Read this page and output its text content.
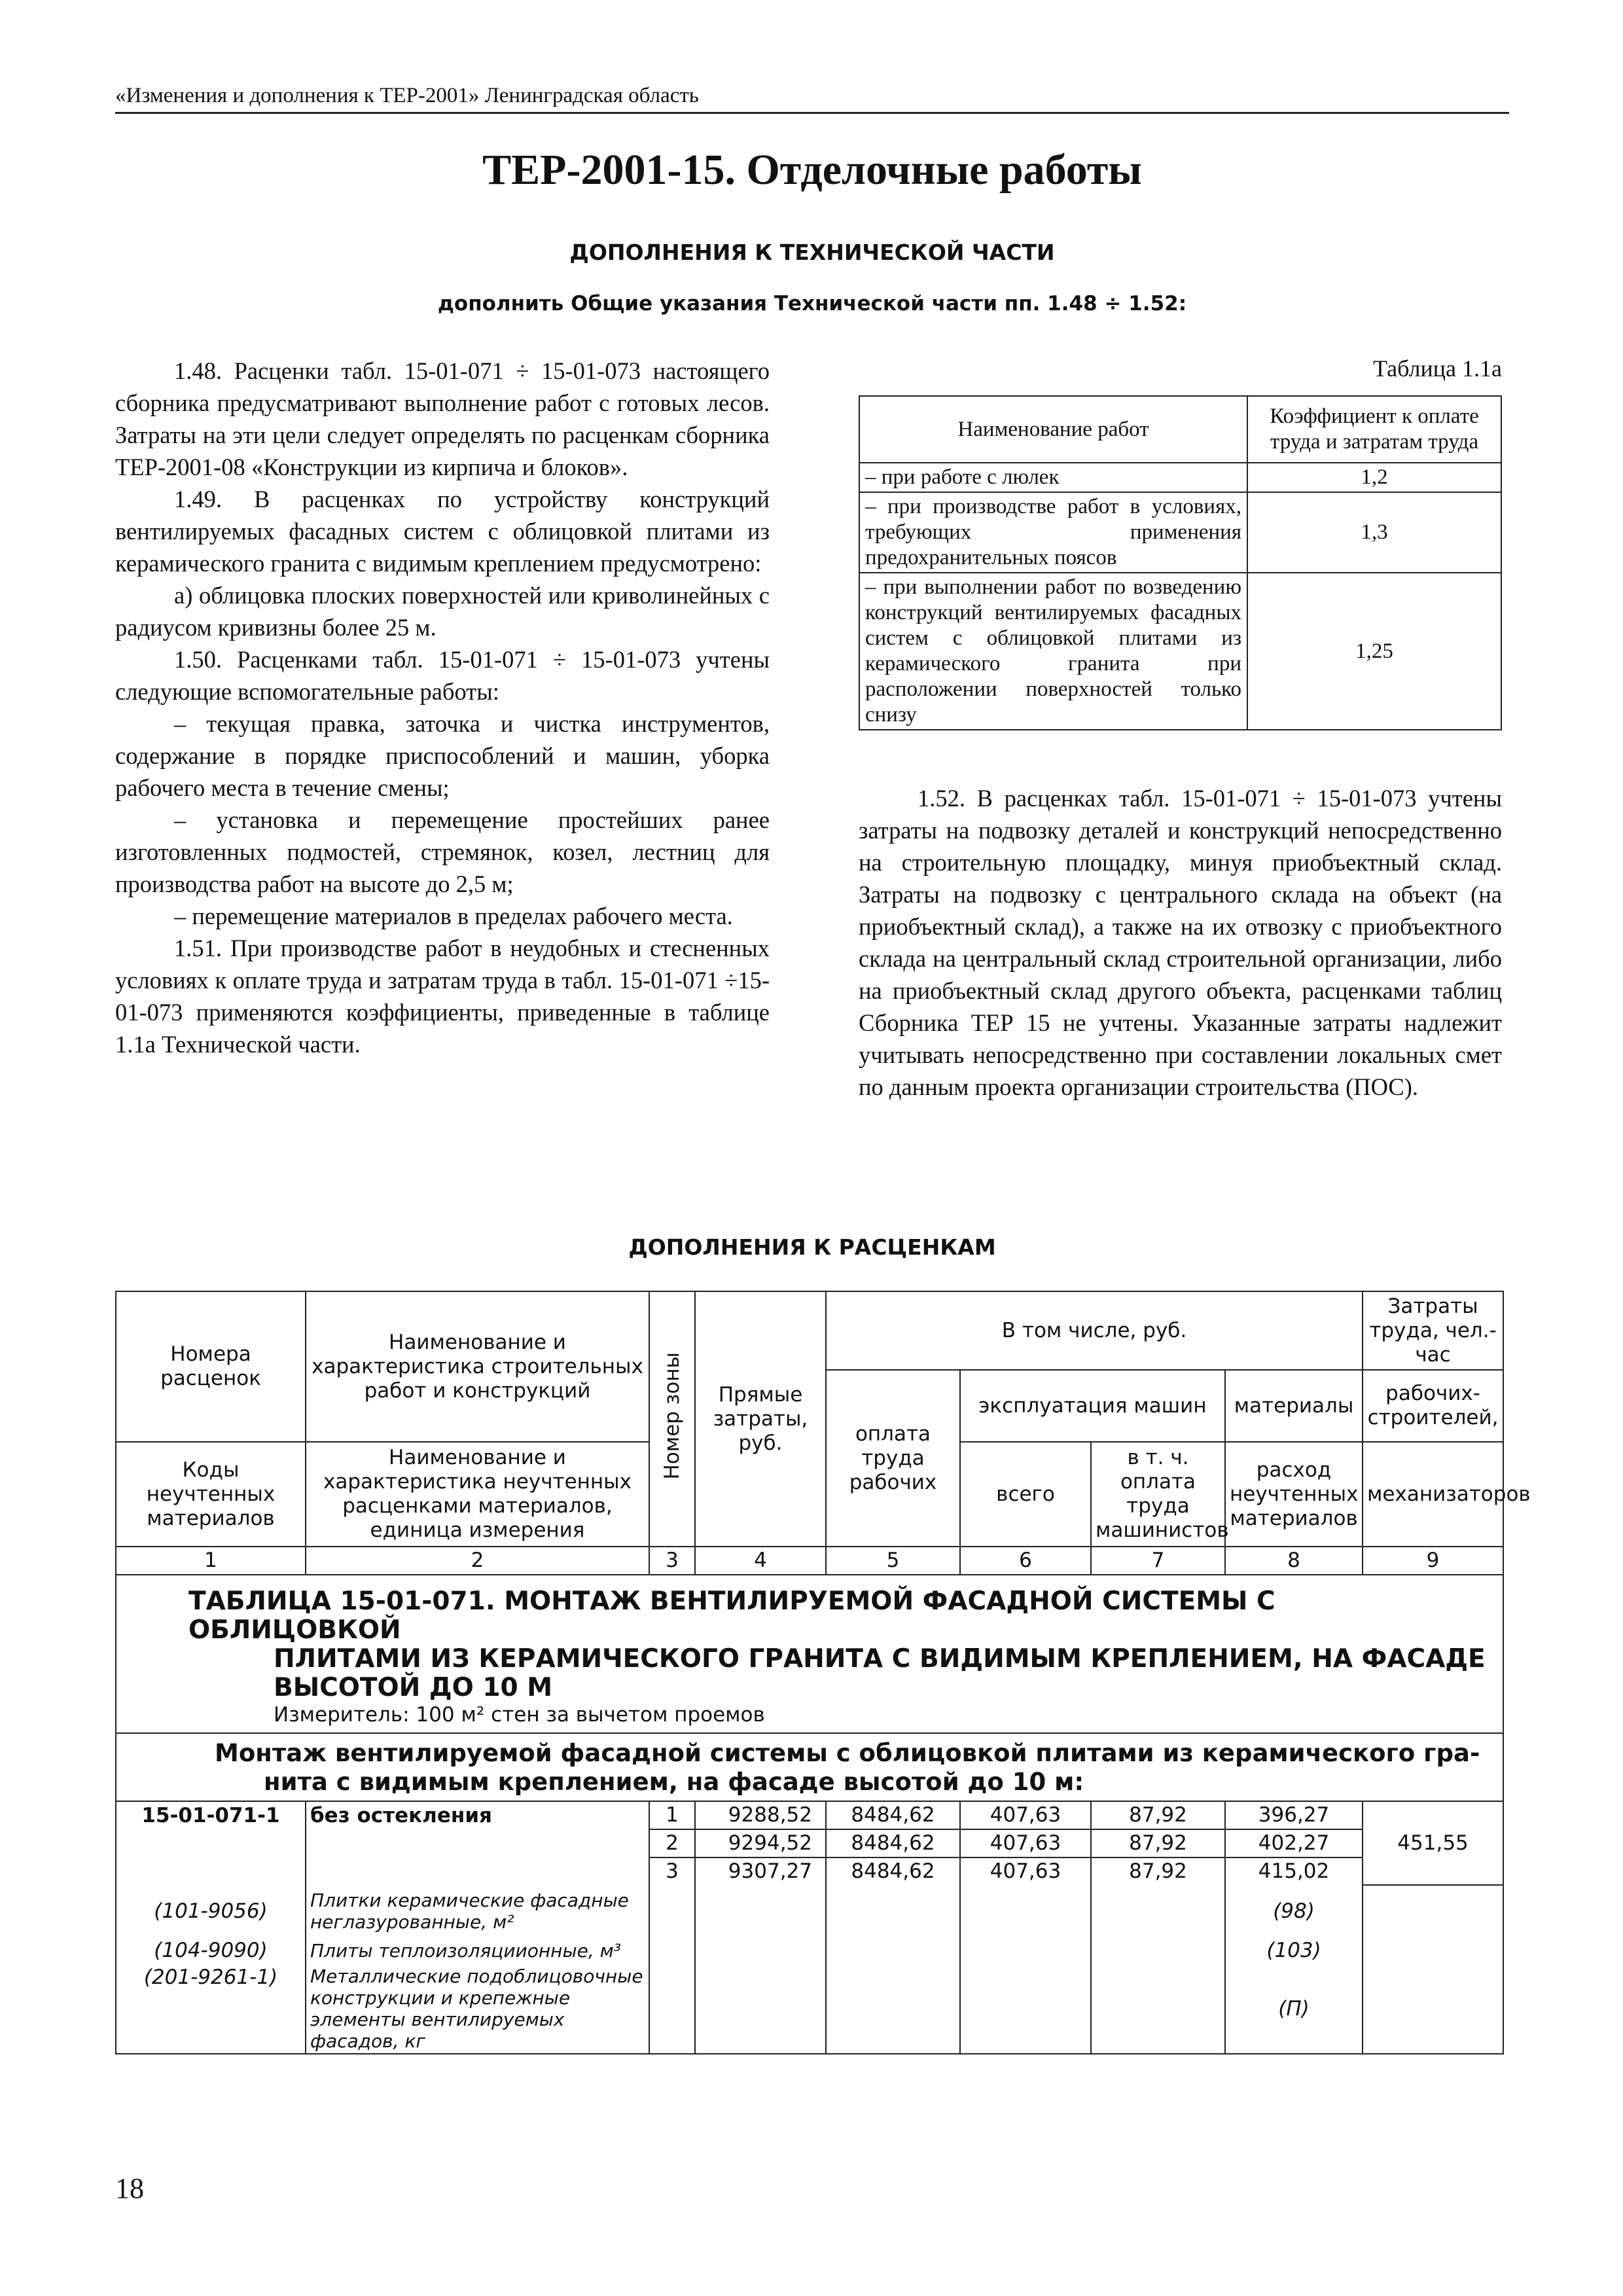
«Изменения и дополнения к ТЕР-2001» Ленинградская область
ТЕР-2001-15. Отделочные работы
ДОПОЛНЕНИЯ К ТЕХНИЧЕСКОЙ ЧАСТИ
дополнить Общие указания Технической части пп. 1.48 ÷ 1.52:

1.48. Расценки табл. 15-01-071 ÷ 15-01-073 настоящего сборника предусматривают выполнение работ с готовых лесов. Затраты на эти цели следует определять по расценкам сборника ТЕР-2001-08 «Конструкции из кирпича и блоков».

1.49. В расценках по устройству конструкций вентилируемых фасадных систем с облицовкой плитами из керамического гранита с видимым креплением предусмотрено:

а) облицовка плоских поверхностей или криволинейных с радиусом кривизны более 25 м.

1.50. Расценками табл. 15-01-071 ÷ 15-01-073 учтены следующие вспомогательные работы:

– текущая правка, заточка и чистка инструментов, содержание в порядке приспособлений и машин, уборка рабочего места в течение смены;

– установка и перемещение простейших ранее изготовленных подмостей, стремянок, козел, лестниц для производства работ на высоте до 2,5 м;

– перемещение материалов в пределах рабочего места.

1.51. При производстве работ в неудобных и стесненных условиях к оплате труда и затратам труда в табл. 15-01-071 ÷15-01-073 применяются коэффициенты, приведенные в таблице 1.1а Технической части.

Таблица 1.1а
Наименование работ	Коэффициент к оплате труда и затратам труда
– при работе с люлек	1,2
– при производстве работ в условиях, требующих применения предохранительных поясов	1,3
– при выполнении работ по возведению конструкций вентилируемых фасадных систем с облицовкой плитами из керамического гранита при расположении поверхностей только снизу	1,25

1.52. В расценках табл. 15-01-071 ÷ 15-01-073 учтены затраты на подвозку деталей и конструкций непосредственно на строительную площадку, минуя приобъектный склад. Затраты на подвозку с центрального склада на объект (на приобъектный склад), а также на их отвозку с приобъектного склада на центральный склад строительной организации, либо на приобъектный склад другого объекта, расценками таблиц Сборника ТЕР 15 не учтены. Указанные затраты надлежит учитывать непосредственно при составлении локальных смет по данным проекта организации строительства (ПОС).

ДОПОЛНЕНИЯ К РАСЦЕНКАМ
Номера расценок	Наименование и характеристика строительных работ и конструкций	Номер зоны	Прямые затраты, руб.	В том числе, руб.				Затраты труда, чел.-час
				оплата труда рабочих	эксплуатация машин		материалы	рабочих-строителей,
Коды неучтенных материалов	Наименование и характеристика неучтенных расценками материалов, единица измерения				всего	в т. ч. оплата труда машинистов	расход неучтенных материалов	механизаторов

1	2	3	4	5	6	7	8	9
ТАБЛИЦА 15-01-071. МОНТАЖ ВЕНТИЛИРУЕМОЙ ФАСАДНОЙ СИСТЕМЫ С ОБЛИЦОВКОЙ
ПЛИТАМИ ИЗ КЕРАМИЧЕСКОГО ГРАНИТА С ВИДИМЫМ КРЕПЛЕНИЕМ, НА ФАСАДЕ
ВЫСОТОЙ ДО 10 М
Измеритель: 100 м² стен за вычетом проемов								

Монтаж вентилируемой фасадной системы с облицовкой плитами из керамического гра-
нита с видимым креплением, на фасаде высотой до 10 м:								

15-01-071-1	без остекления	1	9288,52	8484,62	407,63	87,92	396,27	451,55
		2	9294,52	8484,62	407,63	87,92	402,27	
		3	9307,27	8484,62	407,63	87,92	415,02	
(101-9056)	Плитки керамические фасадные неглазурованные, м²						(98)	
(104-9090)	Плиты теплоизоляциионные, м³						(103)	
(201-9261-1)	Металлические подоблицовочные конструкции и крепежные элементы вентилируемых фасадов, кг						(П)	
18
